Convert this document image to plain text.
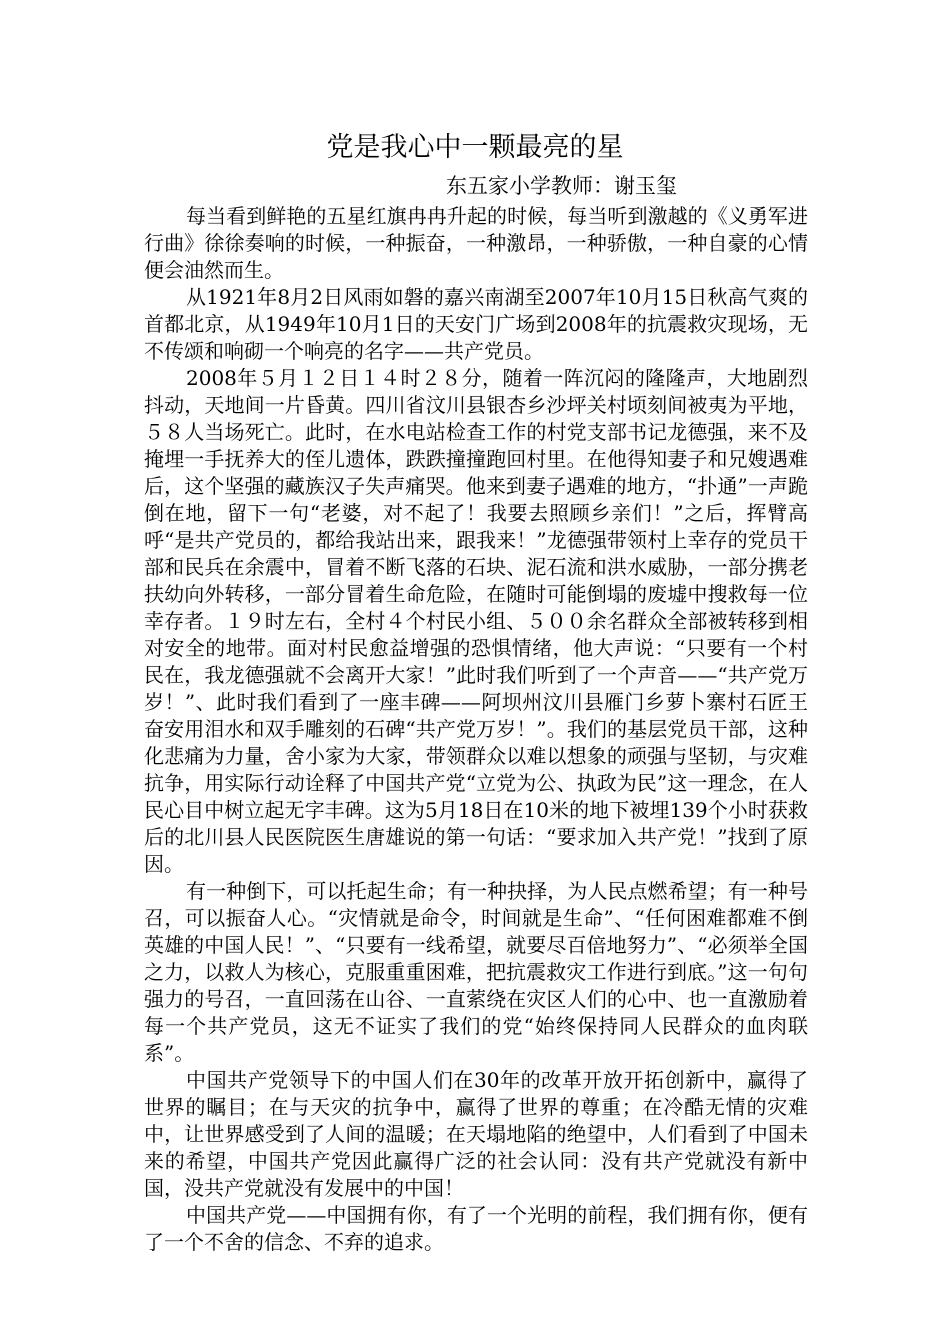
党是我心中一颗最亮的星

东五家小学教师：谢玉玺

每当看到鲜艳的五星红旗冉冉升起的时候，每当听到激越的《义勇军进行曲》徐徐奏响的时候，一种振奋，一种激昂，一种骄傲，一种自豪的心情便会油然而生。

从1921年8月2日风雨如磐的嘉兴南湖至2007年10月15日秋高气爽的首都北京，从1949年10月1日的天安门广场到2008年的抗震救灾现场，无不传颂和响砌一个响亮的名字——共产党员。

2008年５月１２日１４时２８分，随着一阵沉闷的隆隆声，大地剧烈抖动，天地间一片昏黄。四川省汶川县银杏乡沙坪关村顷刻间被夷为平地，５８人当场死亡。此时，在水电站检查工作的村党支部书记龙德强，来不及掩埋一手抚养大的侄儿遗体，跌跌撞撞跑回村里。在他得知妻子和兄嫂遇难后，这个坚强的藏族汉子失声痛哭。他来到妻子遇难的地方，“扑通”一声跪倒在地，留下一句“老婆，对不起了！我要去照顾乡亲们！”之后，挥臂高呼“是共产党员的，都给我站出来，跟我来！”龙德强带领村上幸存的党员干部和民兵在余震中，冒着不断飞落的石块、泥石流和洪水威胁，一部分携老扶幼向外转移，一部分冒着生命危险，在随时可能倒塌的废墟中搜救每一位幸存者。１９时左右，全村４个村民小组、５００余名群众全部被转移到相对安全的地带。面对村民愈益增强的恐惧情绪，他大声说：“只要有一个村民在，我龙德强就不会离开大家！”此时我们听到了一个声音——“共产党万岁！”、此时我们看到了一座丰碑——阿坝州汶川县雁门乡萝卜寨村石匠王奋安用泪水和双手雕刻的石碑“共产党万岁！”。我们的基层党员干部，这种化悲痛为力量，舍小家为大家，带领群众以难以想象的顽强与坚韧，与灾难抗争，用实际行动诠释了中国共产党“立党为公、执政为民”这一理念，在人民心目中树立起无字丰碑。这为5月18日在10米的地下被埋139个小时获救后的北川县人民医院医生唐雄说的第一句话：“要求加入共产党！”找到了原因。

有一种倒下，可以托起生命；有一种抉择，为人民点燃希望；有一种号召，可以振奋人心。“灾情就是命令，时间就是生命”、“任何困难都难不倒英雄的中国人民！”、“只要有一线希望，就要尽百倍地努力”、“必须举全国之力，以救人为核心，克服重重困难，把抗震救灾工作进行到底。”这一句句强力的号召，一直回荡在山谷、一直萦绕在灾区人们的心中、也一直激励着每一个共产党员，这无不证实了我们的党“始终保持同人民群众的血肉联系”。

中国共产党领导下的中国人们在30年的改革开放开拓创新中，赢得了世界的瞩目；在与天灾的抗争中，赢得了世界的尊重；在冷酷无情的灾难中，让世界感受到了人间的温暖；在天塌地陷的绝望中，人们看到了中国未来的希望，中国共产党因此赢得广泛的社会认同：没有共产党就没有新中国，没共产党就没有发展中的中国！

中国共产党——中国拥有你，有了一个光明的前程，我们拥有你，便有了一个不舍的信念、不弃的追求。
